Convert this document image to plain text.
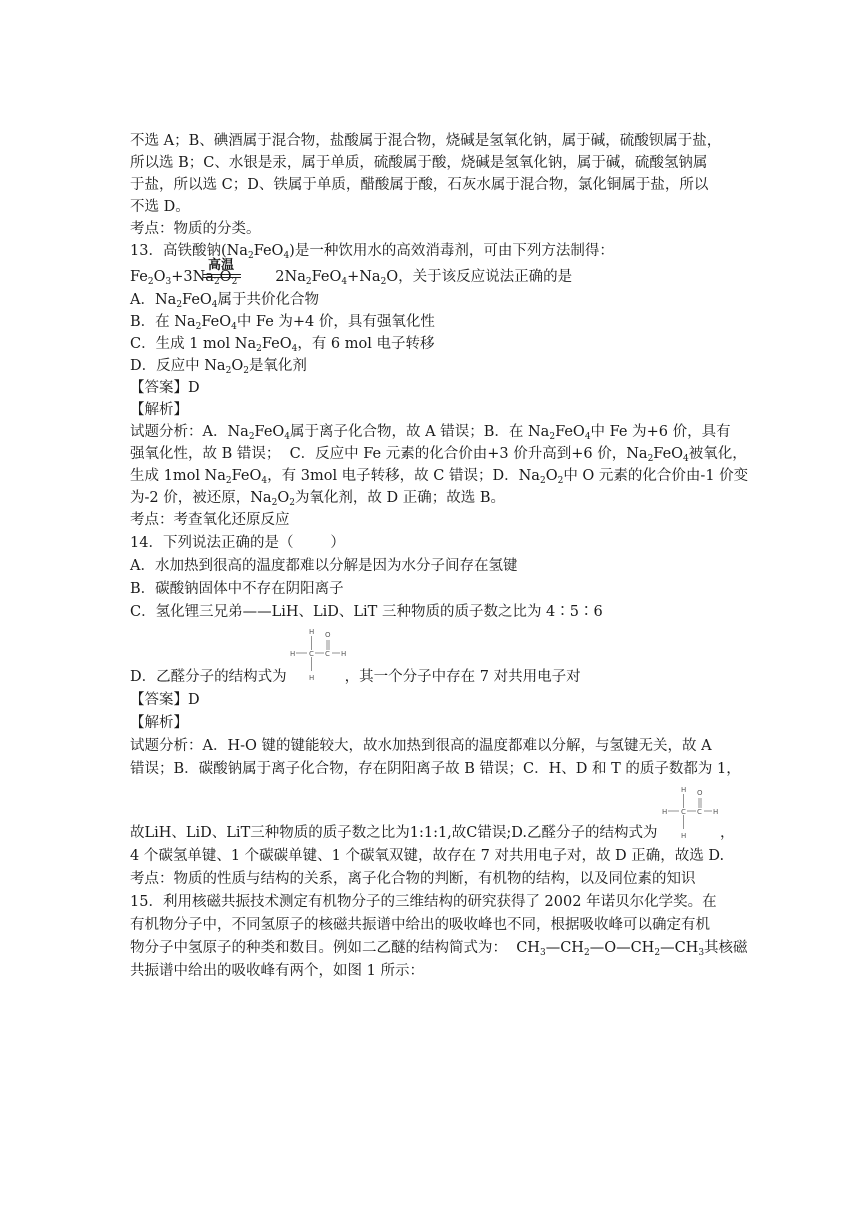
不选 A；B、碘酒属于混合物，盐酸属于混合物，烧碱是氢氧化钠，属于碱，硫酸钡属于盐，
所以选 B；C、水银是汞，属于单质，硫酸属于酸，烧碱是氢氧化钠，属于碱，硫酸氢钠属
于盐，所以选 C；D、铁属于单质，醋酸属于酸，石灰水属于混合物，氯化铜属于盐，所以
不选 D。
考点：物质的分类。
13．高铁酸钠$(Na_2FeO_4)$是一种饮用水的高效消毒剂，可由下列方法制得：
高温
$Fe_2O_3+3Na_2O_2$	$2Na_2FeO_4+Na_2O$，关于该反应说法正确的是
A．$Na_2FeO_4$属于共价化合物
B．在 $Na_2FeO_4$中 Fe 为+4 价，具有强氧化性
C．生成 1 mol $Na_2FeO_4$，有 6 mol 电子转移
D．反应中 $Na_2O_2$是氧化剂
【答案】D
【解析】
试题分析：A．$Na_2FeO_4$属于离子化合物，故 A 错误；B．在 $Na_2FeO_4$中 Fe 为+6 价，具有
强氧化性，故 B 错误；  C．反应中 Fe 元素的化合价由+3 价升高到+6 价，$Na_2FeO_4$被氧化，
生成 1mol $Na_2FeO_4$，有 3mol 电子转移，故 C 错误；D．$Na_2O_2$中 O 元素的化合价由-1 价变
为-2 价，被还原，$Na_2O_2$为氧化剂，故 D 正确；故选 B。
考点：考查氧化还原反应
14．下列说法正确的是（        ）
A．水加热到很高的温度都难以分解是因为水分子间存在氢键
B．碳酸钠固体中不存在阴阳离子
C．氢化锂三兄弟——LiH、LiD、LiT 三种物质的质子数之比为 4∶5∶6
H
H C C
O
H
H
D．乙醛分子的结构式为	，其一个分子中存在 7 对共用电子对
【答案】D
【解析】
试题分析：A．H-O 键的键能较大，故水加热到很高的温度都难以分解，与氢键无关，故 A
错误；B．碳酸钠属于离子化合物，存在阴阳离子故 B 错误；C．H、D 和 T 的质子数都为 1，
H
H C C
O
H
H
故LiH、LiD、LiT三种物质的质子数之比为1:1:1,故C错误;D.乙醛分子的结构式为	，
4 个碳氢单键、1 个碳碳单键、1 个碳氧双键，故存在 7 对共用电子对，故 D 正确，故选 D.
考点：物质的性质与结构的关系，离子化合物的判断，有机物的结构，以及同位素的知识
15．利用核磁共振技术测定有机物分子的三维结构的研究获得了 2002 年诺贝尔化学奖。在
有机物分子中，不同氢原子的核磁共振谱中给出的吸收峰也不同，根据吸收峰可以确定有机
物分子中氢原子的种类和数目。例如二乙醚的结构简式为：  $CH_3—CH_2—O—CH_2—CH_3$其核磁
共振谱中给出的吸收峰有两个，如图 1 所示：
